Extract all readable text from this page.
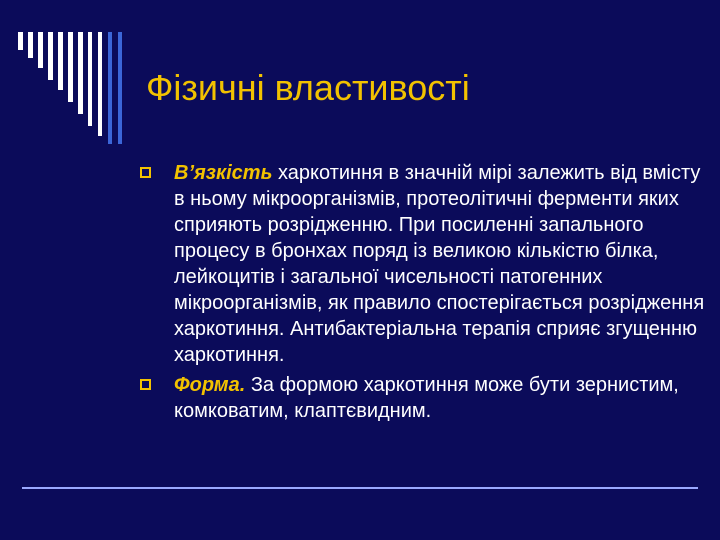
Фізичні властивості
В’язкість харкотиння в значній мірі залежить від вмісту в ньому мікроорганізмів, протеолітичні ферменти яких сприяють розрідженню. При посиленні запального процесу в бронхах поряд із великою кількістю білка, лейкоцитів і загальної чисельності патогенних мікроорганізмів, як правило спостерігається розрідження харкотиння. Антибактеріальна терапія сприяє згущенню харкотиння.
Форма. За формою харкотиння може бути зернистим, комковатим, клаптєвидним.
